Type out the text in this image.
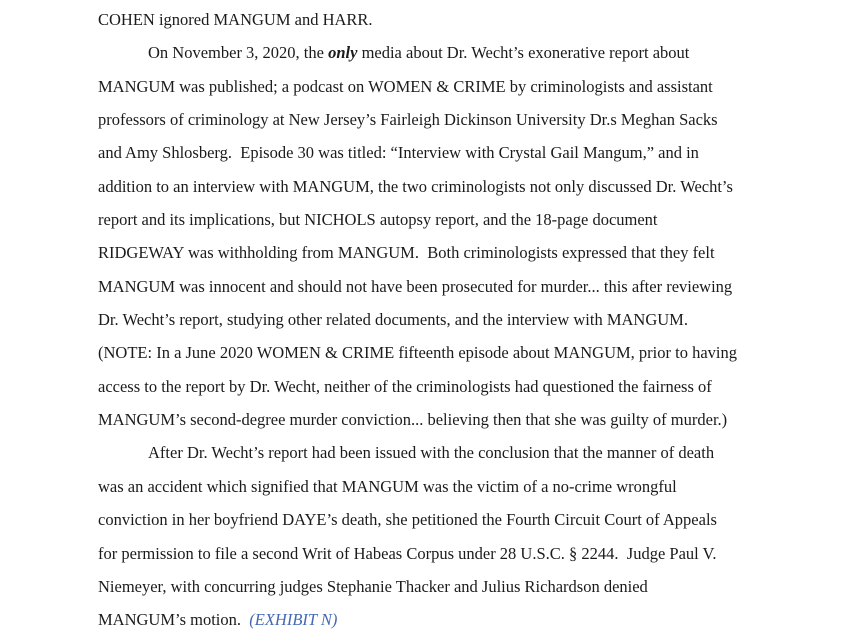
COHEN ignored MANGUM and HARR.
On November 3, 2020, the only media about Dr. Wecht’s exonerative report about
MANGUM was published; a podcast on WOMEN & CRIME by criminologists and assistant
professors of criminology at New Jersey’s Fairleigh Dickinson University Dr.s Meghan Sacks
and Amy Shlosberg.  Episode 30 was titled: “Interview with Crystal Gail Mangum,” and in
addition to an interview with MANGUM, the two criminologists not only discussed Dr. Wecht’s
report and its implications, but NICHOLS autopsy report, and the 18-page document
RIDGEWAY was withholding from MANGUM.  Both criminologists expressed that they felt
MANGUM was innocent and should not have been prosecuted for murder... this after reviewing
Dr. Wecht’s report, studying other related documents, and the interview with MANGUM.
(NOTE: In a June 2020 WOMEN & CRIME fifteenth episode about MANGUM, prior to having
access to the report by Dr. Wecht, neither of the criminologists had questioned the fairness of
MANGUM’s second-degree murder conviction... believing then that she was guilty of murder.)
After Dr. Wecht’s report had been issued with the conclusion that the manner of death
was an accident which signified that MANGUM was the victim of a no-crime wrongful
conviction in her boyfriend DAYE’s death, she petitioned the Fourth Circuit Court of Appeals
for permission to file a second Writ of Habeas Corpus under 28 U.S.C. § 2244.  Judge Paul V.
Niemeyer, with concurring judges Stephanie Thacker and Julius Richardson denied
MANGUM’s motion.  (EXHIBIT N)
